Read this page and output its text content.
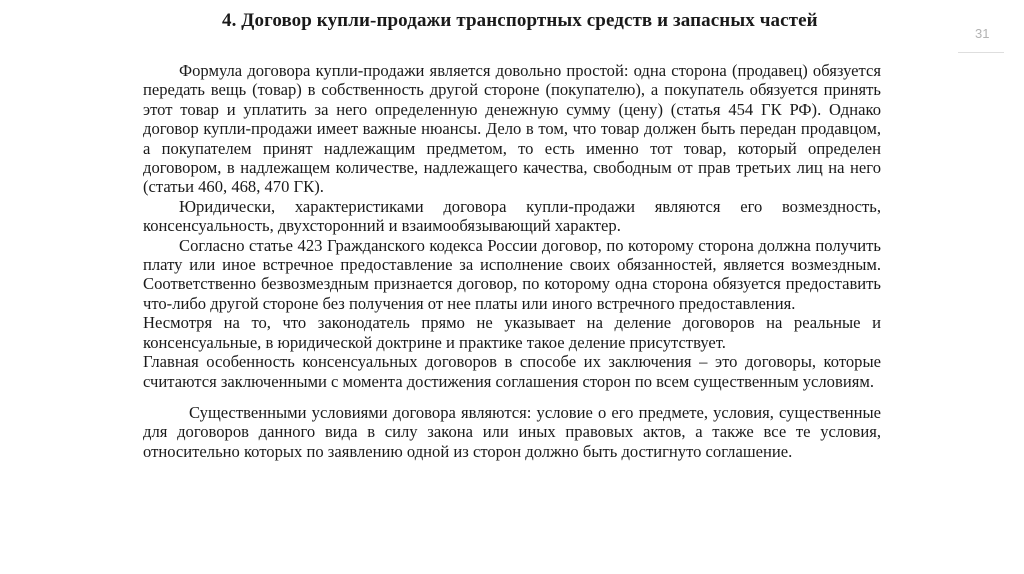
4. Договор купли-продажи транспортных средств и запасных частей
31

Формула договора купли-продажи является довольно простой: одна сторона (продавец) обязуется передать вещь (товар) в собственность другой стороне (покупателю), а покупатель обязуется принять этот товар и уплатить за него определенную денежную сумму (цену) (статья 454 ГК РФ). Однако договор купли-продажи имеет важные нюансы. Дело в том, что товар должен быть передан продавцом, а покупателем принят надлежащим предметом, то есть именно тот товар, который определен договором, в надлежащем количестве, надлежащего качества, свободным от прав третьих лиц на него (статьи 460, 468, 470 ГК).

Юридически, характеристиками договора купли-продажи являются его возмездность, консенсуальность, двухсторонний и взаимообязывающий характер.

Согласно статье 423 Гражданского кодекса России договор, по которому сторона должна получить плату или иное встречное предоставление за исполнение своих обязанностей, является возмездным. Соответственно безвозмездным признается договор, по которому одна сторона обязуется предоставить что-либо другой стороне без получения от нее платы или иного встречного предоставления.

Несмотря на то, что законодатель прямо не указывает на деление договоров на реальные и консенсуальные, в юридической доктрине и практике такое деление присутствует.

Главная особенность консенсуальных договоров в способе их заключения – это договоры, которые считаются заключенными с момента достижения соглашения сторон по всем существенным условиям.

Существенными условиями договора являются: условие о его предмете, условия, существенные для договоров данного вида в силу закона или иных правовых актов, а также все те условия, относительно которых по заявлению одной из сторон должно быть достигнуто соглашение.
